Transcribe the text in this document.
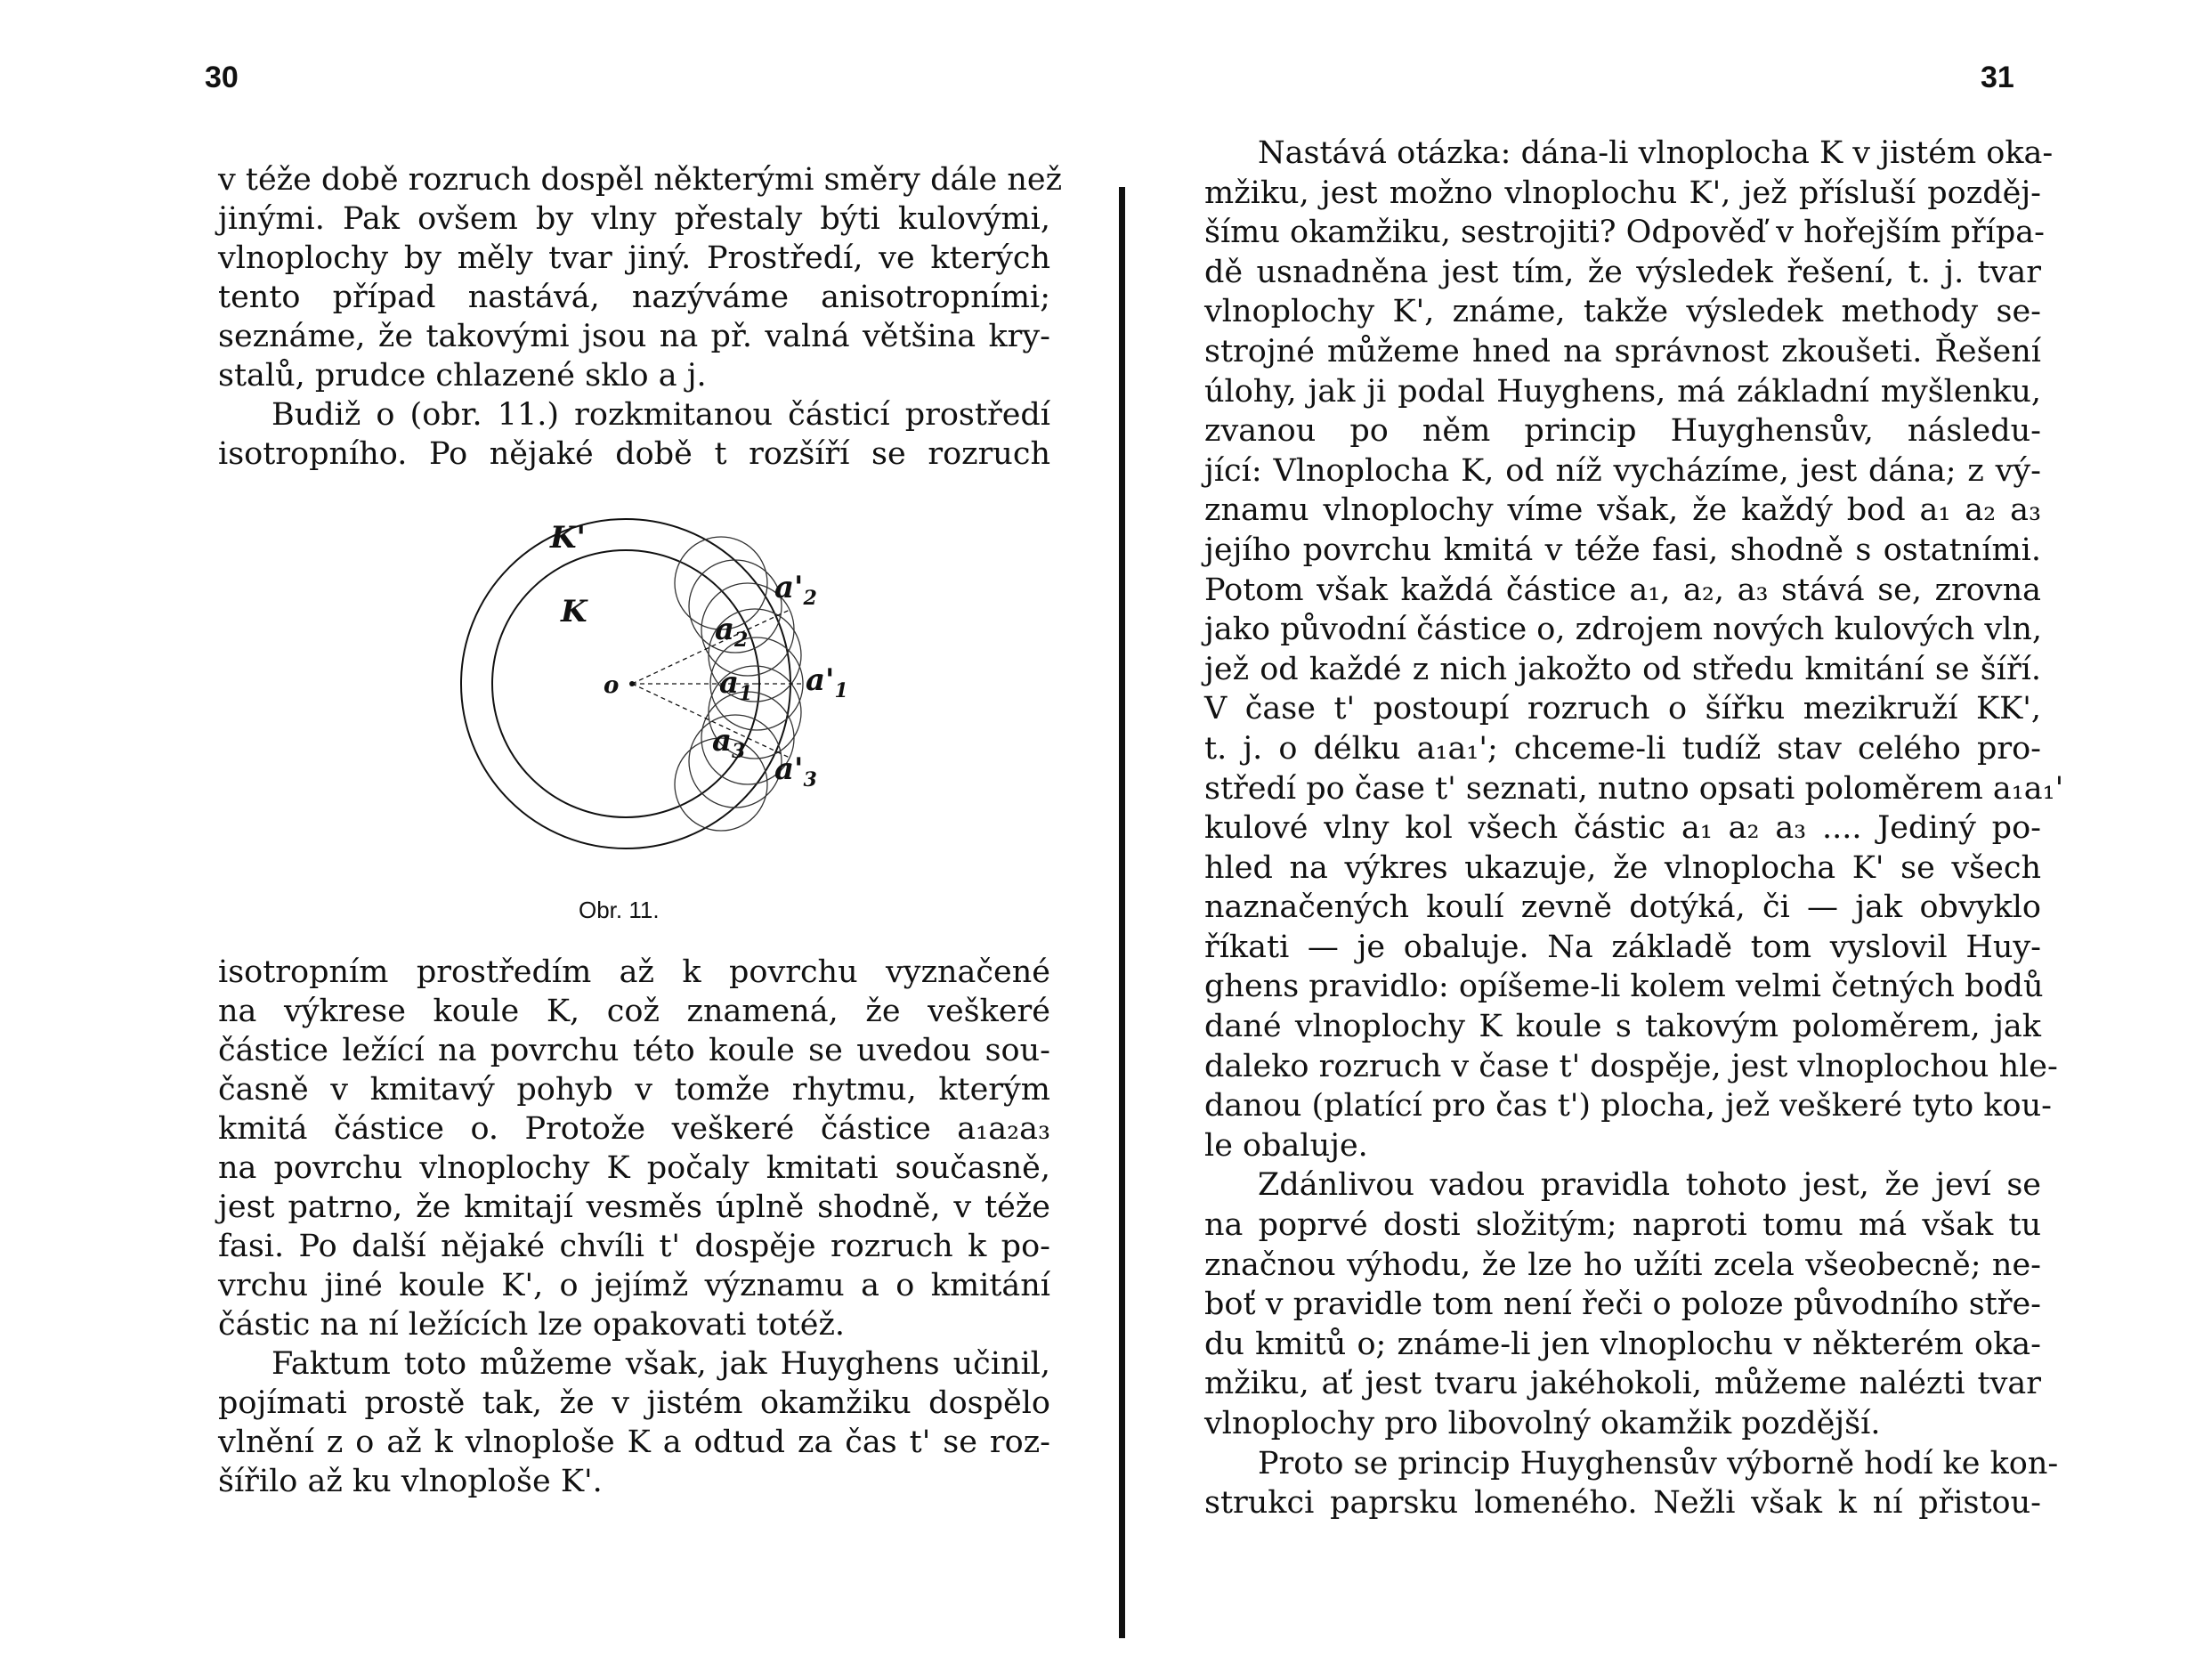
30
v téže době rozruch dospěl některými směry dále než
jinými. Pak ovšem by vlny přestaly býti kulovými,
vlnoplochy by měly tvar jiný. Prostředí, ve kterých
tento případ nastává, nazýváme anisotropními;
seznáme, že takovými jsou na př. valná většina kry-
stalů, prudce chlazené sklo a j.
Budiž o (obr. 11.) rozkmitanou částicí prostředí
isotropního. Po nějaké době t rozšíří se rozruch
K'
K
o
$a_2$
$a_1$
$a_3$
$a'_2$
$a'_1$
$a'_3$
Obr. 11.
isotropním prostředím až k povrchu vyznačené
na výkrese koule K, což znamená, že veškeré
částice ležící na povrchu této koule se uvedou sou-
časně v kmitavý pohyb v tomže rhytmu, kterým
kmitá částice o. Protože veškeré částice a₁a₂a₃
na povrchu vlnoplochy K počaly kmitati současně,
jest patrno, že kmitají vesměs úplně shodně, v téže
fasi. Po další nějaké chvíli t' dospěje rozruch k po-
vrchu jiné koule K', o jejímž významu a o kmitání
částic na ní ležících lze opakovati totéž.
Faktum toto můžeme však, jak Huyghens učinil,
pojímati prostě tak, že v jistém okamžiku dospělo
vlnění z o až k vlnoploše K a odtud za čas t' se roz-
šířilo až ku vlnoploše K'.
31
Nastává otázka: dána-li vlnoplocha K v jistém oka-
mžiku, jest možno vlnoplochu K', jež přísluší pozděj-
šímu okamžiku, sestrojiti? Odpověď v hořejším přípa-
dě usnadněna jest tím, že výsledek řešení, t. j. tvar
vlnoplochy K', známe, takže výsledek methody se-
strojné můžeme hned na správnost zkoušeti. Řešení
úlohy, jak ji podal Huyghens, má základní myšlenku,
zvanou po něm princip Huyghensův, následu-
jící: Vlnoplocha K, od níž vycházíme, jest dána; z vý-
znamu vlnoplochy víme však, že každý bod a₁ a₂ a₃
jejího povrchu kmitá v téže fasi, shodně s ostatními.
Potom však každá částice a₁, a₂, a₃ stává se, zrovna
jako původní částice o, zdrojem nových kulových vln,
jež od každé z nich jakožto od středu kmitání se šíří.
V čase t' postoupí rozruch o šířku mezikruží KK',
t. j. o délku a₁a₁'; chceme-li tudíž stav celého pro-
středí po čase t' seznati, nutno opsati poloměrem a₁a₁'
kulové vlny kol všech částic a₁ a₂ a₃ .... Jediný po-
hled na výkres ukazuje, že vlnoplocha K' se všech
naznačených koulí zevně dotýká, či — jak obvyklo
říkati — je obaluje. Na základě tom vyslovil Huy-
ghens pravidlo: opíšeme-li kolem velmi četných bodů
dané vlnoplochy K koule s takovým poloměrem, jak
daleko rozruch v čase t' dospěje, jest vlnoplochou hle-
danou (platící pro čas t') plocha, jež veškeré tyto kou-
le obaluje.
Zdánlivou vadou pravidla tohoto jest, že jeví se
na poprvé dosti složitým; naproti tomu má však tu
značnou výhodu, že lze ho užíti zcela všeobecně; ne-
boť v pravidle tom není řeči o poloze původního stře-
du kmitů o; známe-li jen vlnoplochu v některém oka-
mžiku, ať jest tvaru jakéhokoli, můžeme nalézti tvar
vlnoplochy pro libovolný okamžik pozdější.
Proto se princip Huyghensův výborně hodí ke kon-
strukci paprsku lomeného. Nežli však k ní přistou-
